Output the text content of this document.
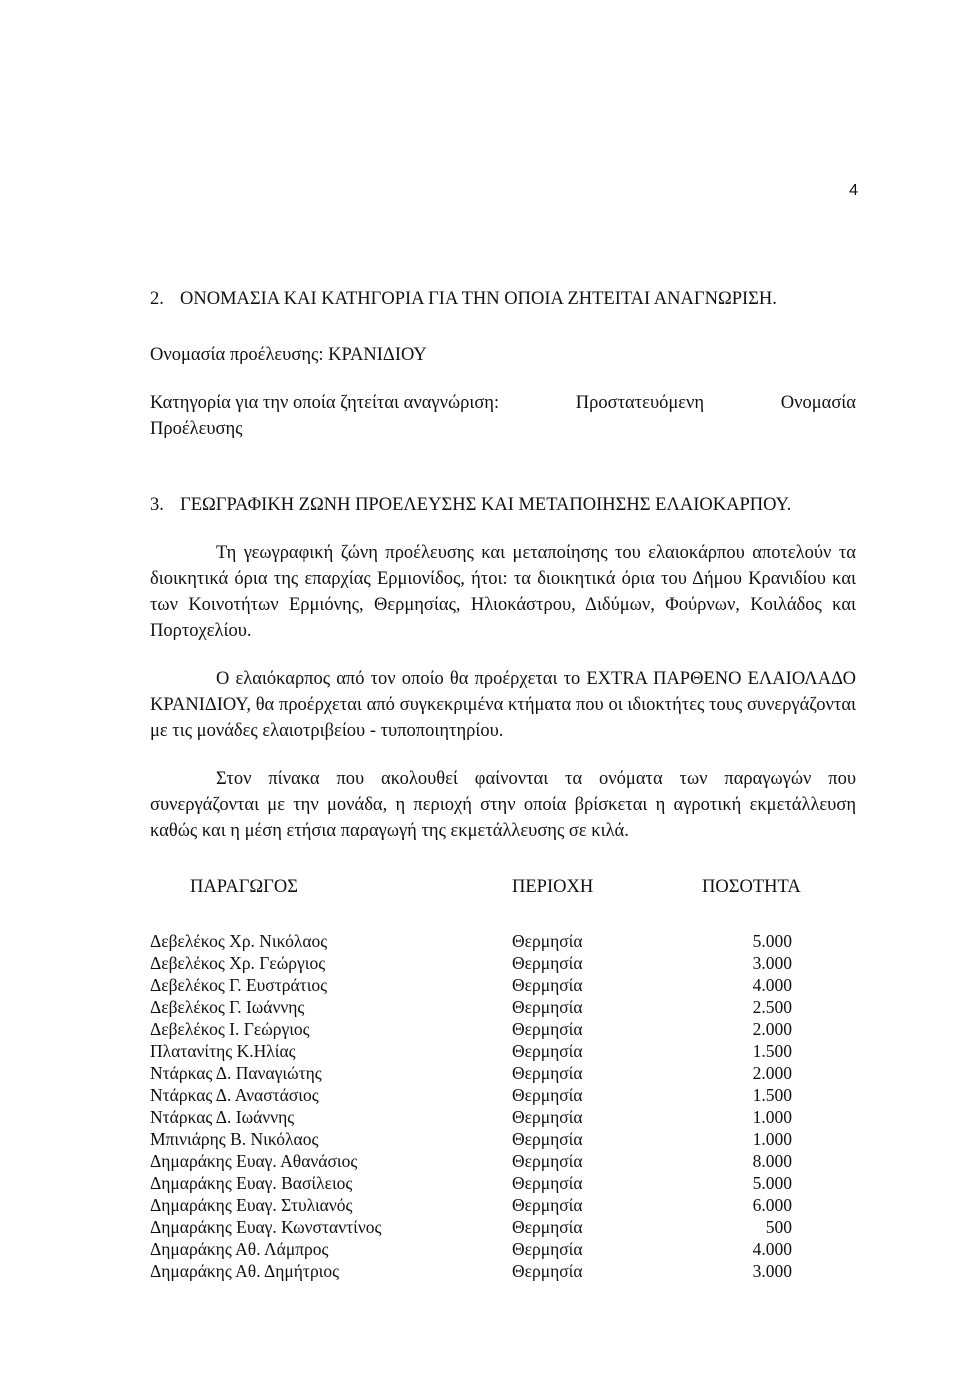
4
2. ΟΝΟΜΑΣΙΑ ΚΑΙ ΚΑΤΗΓΟΡΙΑ ΓΙΑ ΤΗΝ ΟΠΟΙΑ ΖΗΤΕΙΤΑΙ ΑΝΑΓΝΩΡΙΣΗ.

Ονομασία προέλευσης: ΚΡΑΝΙΔΙΟΥ

Κατηγορία για την οποία ζητείται αναγνώριση:	Προστατευόμενη	Ονομασία

Προέλευσης

3. ΓΕΩΓΡΑΦΙΚΗ ΖΩΝΗ ΠΡΟΕΛΕΥΣΗΣ ΚΑΙ ΜΕΤΑΠΟΙΗΣΗΣ ΕΛΑΙΟΚΑΡΠΟΥ.

Τη γεωγραφική ζώνη προέλευσης και μεταποίησης του ελαιοκάρπου αποτελούν τα διοικητικά όρια της επαρχίας Ερμιονίδος, ήτοι: τα διοικητικά όρια του Δήμου Κρανιδίου και των Κοινοτήτων Ερμιόνης, Θερμησίας, Ηλιοκάστρου, Διδύμων, Φούρνων, Κοιλάδος και Πορτοχελίου.

Ο ελαιόκαρπος από τον οποίο θα προέρχεται το EXTRA ΠΑΡΘΕΝΟ ΕΛΑΙΟΛΑΔΟ ΚΡΑΝΙΔΙΟΥ, θα προέρχεται από συγκεκριμένα κτήματα που οι ιδιοκτήτες τους συνεργάζονται με τις μονάδες ελαιοτριβείου - τυποποιητηρίου.

Στον πίνακα που ακολουθεί φαίνονται τα ονόματα των παραγωγών που συνεργάζονται με την μονάδα, η περιοχή στην οποία βρίσκεται η αγροτική εκμετάλλευση καθώς και η μέση ετήσια παραγωγή της εκμετάλλευσης σε κιλά.

ΠΑΡΑΓΩΓΟΣ	ΠΕΡΙΟΧΗ	ΠΟΣΟΤΗΤΑ
Δεβελέκος Χρ. Νικόλαος	Θερμησία	5.000
Δεβελέκος Χρ. Γεώργιος	Θερμησία	3.000
Δεβελέκος Γ. Ευστράτιος	Θερμησία	4.000
Δεβελέκος Γ. Ιωάννης	Θερμησία	2.500
Δεβελέκος Ι. Γεώργιος	Θερμησία	2.000
Πλατανίτης Κ.Ηλίας	Θερμησία	1.500
Ντάρκας Δ. Παναγιώτης	Θερμησία	2.000
Ντάρκας Δ. Αναστάσιος	Θερμησία	1.500
Ντάρκας Δ. Ιωάννης	Θερμησία	1.000
Μπινιάρης Β. Νικόλαος	Θερμησία	1.000
Δημαράκης Ευαγ. Αθανάσιος	Θερμησία	8.000
Δημαράκης Ευαγ. Βασίλειος	Θερμησία	5.000
Δημαράκης Ευαγ. Στυλιανός	Θερμησία	6.000
Δημαράκης Ευαγ. Κωνσταντίνος	Θερμησία	500
Δημαράκης Αθ. Λάμπρος	Θερμησία	4.000
Δημαράκης Αθ. Δημήτριος	Θερμησία	3.000
